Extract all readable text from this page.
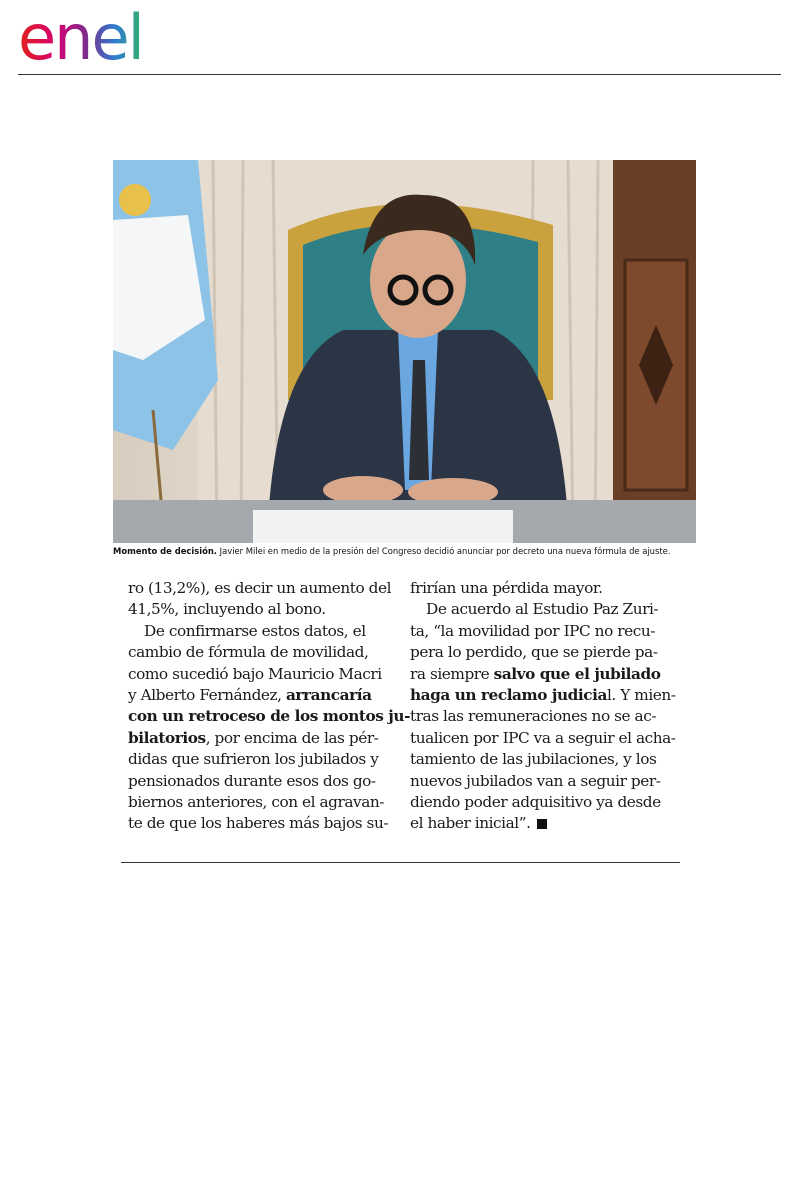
enel
Momento de decisión. Javier Milei en medio de la presión del Congreso decidió anunciar por decreto una nueva fórmula de ajuste.
ro (13,2%), es decir un aumento del
41,5%, incluyendo al bono.
De confirmarse estos datos, el
cambio de fórmula de movilidad,
como sucedió bajo Mauricio Macri
y Alberto Fernández, arrancaría
con un retroceso de los montos ju-
bilatorios, por encima de las pér-
didas que sufrieron los jubilados y
pensionados durante esos dos go-
biernos anteriores, con el agravan-
te de que los haberes más bajos su-
frirían una pérdida mayor.
De acuerdo al Estudio Paz Zuri-
ta, “la movilidad por IPC no recu-
pera lo perdido, que se pierde pa-
ra siempre salvo que el jubilado
haga un reclamo judicial. Y mien-
tras las remuneraciones no se ac-
tualicen por IPC va a seguir el acha-
tamiento de las jubilaciones, y los
nuevos jubilados van a seguir per-
diendo poder adquisitivo ya desde
el haber inicial”.
